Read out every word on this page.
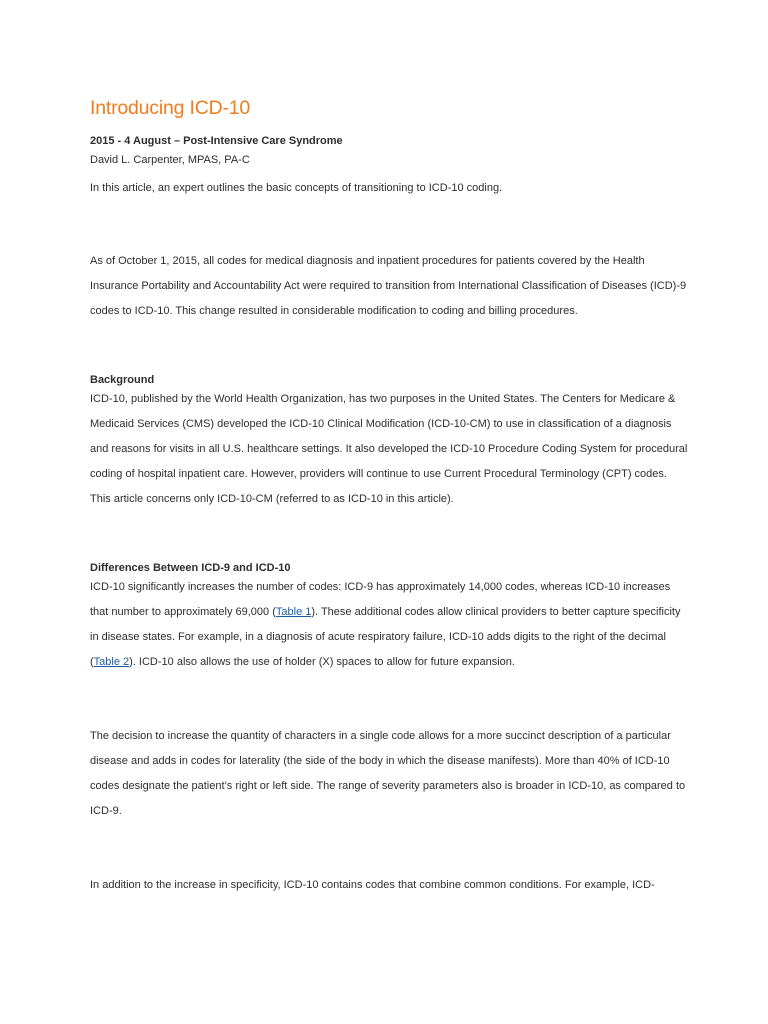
Introducing ICD-10
2015 - 4 August – Post-Intensive Care Syndrome
David L. Carpenter, MPAS, PA-C
In this article, an expert outlines the basic concepts of transitioning to ICD-10 coding.

As of October 1, 2015, all codes for medical diagnosis and inpatient procedures for patients covered by the Health Insurance Portability and Accountability Act were required to transition from International Classification of Diseases (ICD)-9 codes to ICD-10. This change resulted in considerable modification to coding and billing procedures.

Background

ICD-10, published by the World Health Organization, has two purposes in the United States. The Centers for Medicare & Medicaid Services (CMS) developed the ICD-10 Clinical Modification (ICD-10-CM) to use in classification of a diagnosis and reasons for visits in all U.S. healthcare settings. It also developed the ICD-10 Procedure Coding System for procedural coding of hospital inpatient care. However, providers will continue to use Current Procedural Terminology (CPT) codes. This article concerns only ICD-10-CM (referred to as ICD-10 in this article).

Differences Between ICD-9 and ICD-10

ICD-10 significantly increases the number of codes: ICD-9 has approximately 14,000 codes, whereas ICD-10 increases that number to approximately 69,000 (Table 1). These additional codes allow clinical providers to better capture specificity in disease states. For example, in a diagnosis of acute respiratory failure, ICD-10 adds digits to the right of the decimal (Table 2). ICD-10 also allows the use of holder (X) spaces to allow for future expansion.

The decision to increase the quantity of characters in a single code allows for a more succinct description of a particular disease and adds in codes for laterality (the side of the body in which the disease manifests). More than 40% of ICD-10 codes designate the patient’s right or left side. The range of severity parameters also is broader in ICD-10, as compared to ICD-9.

In addition to the increase in specificity, ICD-10 contains codes that combine common conditions. For example, ICD-
